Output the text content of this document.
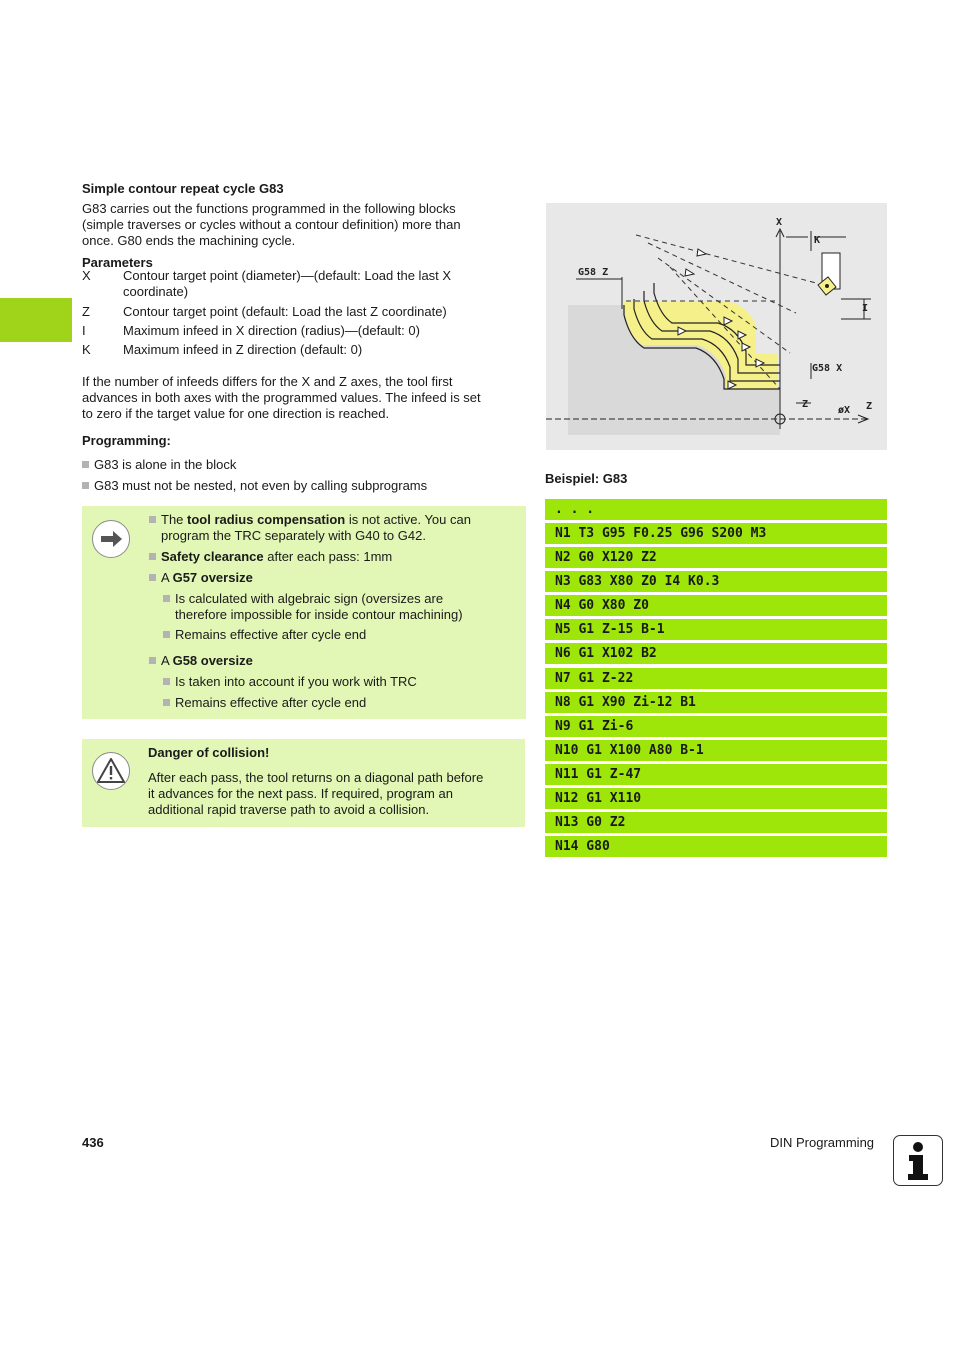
Simple contour repeat cycle G83
G83 carries out the functions programmed in the following blocks
(simple traverses or cycles without a contour definition) more than
once. G80 ends the machining cycle.
Parameters
X	Contour target point (diameter)—(default: Load the last X
coordinate)
Z	Contour target point (default: Load the last Z coordinate)
I	Maximum infeed in X direction (radius)—(default: 0)
K	Maximum infeed in Z direction (default: 0)
If the number of infeeds differs for the X and Z axes, the tool first
advances in both axes with the programmed values. The infeed is set
to zero if the target value for one direction is reached.
Programming:
G83 is alone in the block
G83 must not be nested, not even by calling subprograms
The tool radius compensation is not active. You can
program the TRC separately with G40 to G42.
Safety clearance after each pass: 1mm
A G57 oversize
Is calculated with algebraic sign (oversizes are
therefore impossible for inside contour machining)
Remains effective after cycle end
A G58 oversize
Is taken into account if you work with TRC
Remains effective after cycle end
Danger of collision!
After each pass, the tool returns on a diagonal path before
it advances for the next pass. If required, program an
additional rapid traverse path to avoid a collision.
X
K
G58 Z
I
G58 X
Z
øX Z
Beispiel: G83
. . .
N1 T3 G95 F0.25 G96 S200 M3
N2 G0 X120 Z2
N3 G83 X80 Z0 I4 K0.3
N4 G0 X80 Z0
N5 G1 Z-15 B-1
N6 G1 X102 B2
N7 G1 Z-22
N8 G1 X90 Zi-12 B1
N9 G1 Zi-6
N10 G1 X100 A80 B-1
N11 G1 Z-47
N12 G1 X110
N13 G0 Z2
N14 G80
436	DIN Programming
